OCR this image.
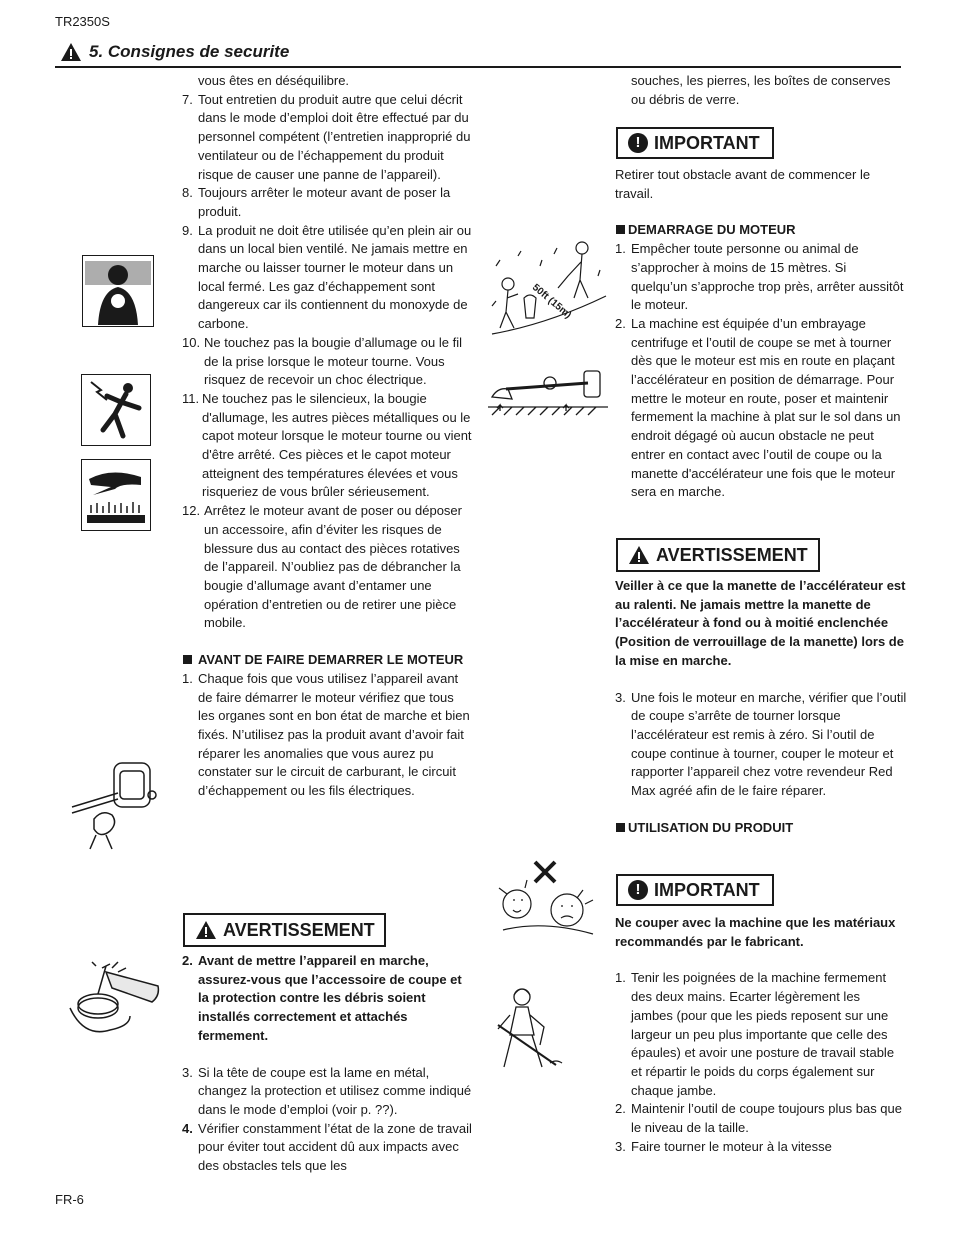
TR2350S
5. Consignes de securite

vous êtes en déséquilibre.

7. Tout entretien du produit autre que celui décrit dans le mode d’emploi doit être effectué par du personnel compétent (l’entretien inapproprié du ventilateur ou de l’échappement du produit risque de causer une panne de l’appareil).
8. Toujours arrêter le moteur avant de poser la produit.
9. La produit ne doit être utilisée qu’en plein air ou dans un local bien ventilé. Ne jamais mettre en marche ou laisser tourner le moteur dans un local fermé. Les gaz d’échappement sont dangereux car ils contiennent du monoxyde de carbone.
10. Ne touchez pas la bougie d’allumage ou le fil de la prise lorsque le moteur tourne. Vous risquez de recevoir un choc électrique.
11. Ne touchez pas le silencieux, la bougie d'allumage, les autres pièces métalliques ou le capot moteur lorsque le moteur tourne ou vient d'être arrêté. Ces pièces et le capot moteur atteignent des températures élevées et vous risqueriez de vous brûler sérieusement.
12. Arrêtez le moteur avant de poser ou déposer un accessoire, afin d’éviter les risques de blessure dus au contact des pièces rotatives de l’appareil. N’oubliez pas de débrancher la bougie d’allumage avant d’entamer une opération d’entretien ou de retirer une pièce mobile.
AVANT DE FAIRE DEMARRER LE MOTEUR
1. Chaque fois que vous utilisez l’appareil avant de faire démarrer le moteur vérifiez que tous les organes sont en bon état de marche et bien fixés. N’utilisez pas la produit avant d’avoir fait réparer les anomalies que vous aurez pu constater sur le circuit de carburant, le circuit d’échappement ou les fils électriques.
AVERTISSEMENT
2. Avant de mettre l’appareil en marche, assurez-vous que l’accessoire de coupe et la protection contre les débris soient installés correctement et attachés fermement.
3. Si la tête de coupe est la lame en métal, changez la protection et utilisez comme indiqué dans le mode d’emploi (voir p. ??).
4. Vérifier constamment l’état de la zone de travail pour éviter tout accident dû aux impacts avec des obstacles tels que les
50ft (15m)

souches, les pierres, les boîtes de conserves ou débris de verre.

! IMPORTANT

Retirer tout obstacle avant de commencer le travail.

DEMARRAGE DU MOTEUR
1. Empêcher toute personne ou animal de s’approcher à moins de 15 mètres. Si quelqu’un s’approche trop près, arrêter aussitôt le moteur.
2. La machine est équipée d’un embrayage centrifuge et l’outil de coupe se met à tourner dès que le moteur est mis en route en plaçant l’accélérateur en position de démarrage. Pour mettre le moteur en route, poser et maintenir fermement la machine à plat sur le sol dans un endroit dégagé où aucun obstacle ne peut entrer en contact avec l’outil de coupe ou la manette d'accélérateur une fois que le moteur sera en marche.
AVERTISSEMENT

Veiller à ce que la manette de l’accélérateur est au ralenti. Ne jamais mettre la manette de l’accélérateur à fond ou à moitié enclenchée (Position de verrouillage de la manette) lors de la mise en marche.

3. Une fois le moteur en marche, vérifier que l’outil de coupe s’arrête de tourner lorsque l’accélérateur est remis à zéro. Si l’outil de coupe continue à tourner, couper le moteur et rapporter l’appareil chez votre revendeur Red Max agréé afin de le faire réparer.
UTILISATION DU PRODUIT
! IMPORTANT

Ne couper avec la machine que les matériaux recommandés par le fabricant.

1. Tenir les poignées de la machine fermement des deux mains. Ecarter légèrement les jambes (pour que les pieds reposent sur une largeur un peu plus importante que celle des épaules) et avoir une posture de travail stable et répartir le poids du corps également sur chaque jambe.
2. Maintenir l’outil de coupe toujours plus bas que le niveau de la taille.
3. Faire tourner le moteur à la vitesse
FR-6
